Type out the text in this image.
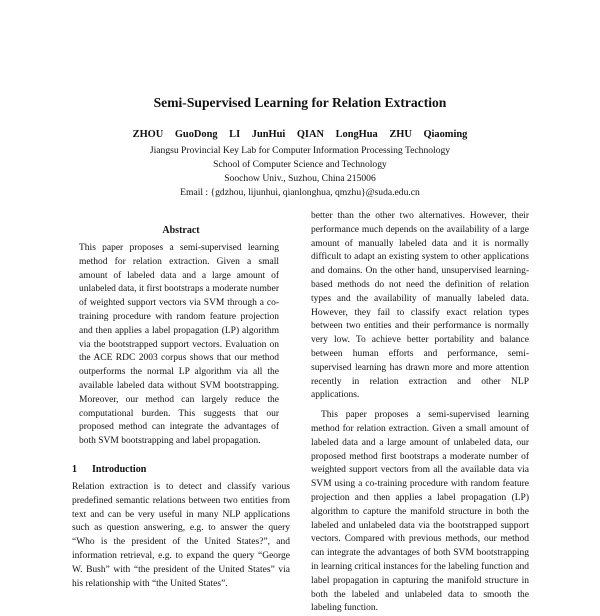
Semi-Supervised Learning for Relation Extraction
ZHOU GuoDong LI JunHui QIAN LongHua ZHU Qiaoming
Jiangsu Provincial Key Lab for Computer Information Processing Technology
School of Computer Science and Technology
Soochow Univ., Suzhou, China 215006
Email : {gdzhou, lijunhui, qianlonghua, qmzhu}@suda.edu.cn
Abstract

This paper proposes a semi-supervised learning method for relation extraction. Given a small amount of labeled data and a large amount of unlabeled data, it first bootstraps a moderate number of weighted support vectors via SVM through a co-training procedure with random feature projection and then applies a label propagation (LP) algorithm via the bootstrapped support vectors. Evaluation on the ACE RDC 2003 corpus shows that our method outperforms the normal LP algorithm via all the available labeled data without SVM bootstrapping. Moreover, our method can largely reduce the computational burden. This suggests that our proposed method can integrate the advantages of both SVM bootstrapping and label propagation.

1 Introduction

Relation extraction is to detect and classify various predefined semantic relations between two entities from text and can be very useful in many NLP applications such as question answering, e.g. to answer the query “Who is the president of the United States?”, and information retrieval, e.g. to expand the query “George W. Bush” with “the president of the United States” via his relationship with “the United States”.

better than the other two alternatives. However, their performance much depends on the availability of a large amount of manually labeled data and it is normally difficult to adapt an existing system to other applications and domains. On the other hand, unsupervised learning-based methods do not need the definition of relation types and the availability of manually labeled data. However, they fail to classify exact relation types between two entities and their performance is normally very low. To achieve better portability and balance between human efforts and performance, semi-supervised learning has drawn more and more attention recently in relation extraction and other NLP applications.

This paper proposes a semi-supervised learning method for relation extraction. Given a small amount of labeled data and a large amount of unlabeled data, our proposed method first bootstraps a moderate number of weighted support vectors from all the available data via SVM using a co-training procedure with random feature projection and then applies a label propagation (LP) algorithm to capture the manifold structure in both the labeled and unlabeled data via the bootstrapped support vectors. Compared with previous methods, our method can integrate the advantages of both SVM bootstrapping in learning critical instances for the labeling function and label propagation in capturing the manifold structure in both the labeled and unlabeled data to smooth the labeling function.
